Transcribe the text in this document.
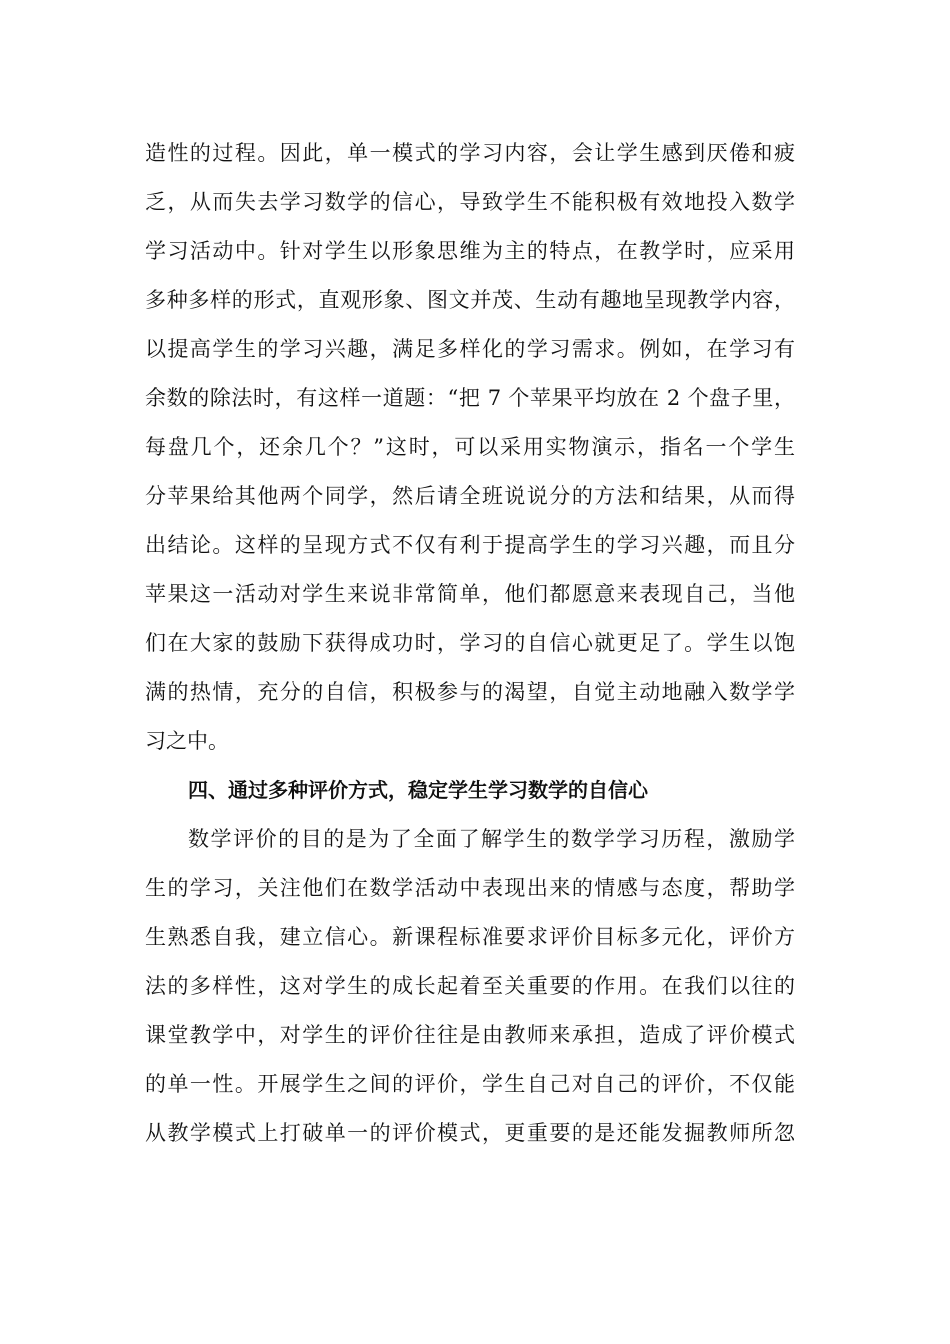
造性的过程。因此，单一模式的学习内容，会让学生感到厌倦和疲
乏，从而失去学习数学的信心，导致学生不能积极有效地投入数学
学习活动中。针对学生以形象思维为主的特点，在教学时，应采用
多种多样的形式，直观形象、图文并茂、生动有趣地呈现教学内容，
以提高学生的学习兴趣，满足多样化的学习需求。例如，在学习有
余数的除法时，有这样一道题：“把 7 个苹果平均放在 2 个盘子里，
每盘几个，还余几个？”这时，可以采用实物演示，指名一个学生
分苹果给其他两个同学，然后请全班说说分的方法和结果，从而得
出结论。这样的呈现方式不仅有利于提高学生的学习兴趣，而且分
苹果这一活动对学生来说非常简单，他们都愿意来表现自己，当他
们在大家的鼓励下获得成功时，学习的自信心就更足了。学生以饱
满的热情，充分的自信，积极参与的渴望，自觉主动地融入数学学
习之中。
四、通过多种评价方式，稳定学生学习数学的自信心
数学评价的目的是为了全面了解学生的数学学习历程，激励学
生的学习，关注他们在数学活动中表现出来的情感与态度，帮助学
生熟悉自我，建立信心。新课程标准要求评价目标多元化，评价方
法的多样性，这对学生的成长起着至关重要的作用。在我们以往的
课堂教学中，对学生的评价往往是由教师来承担，造成了评价模式
的单一性。开展学生之间的评价，学生自己对自己的评价，不仅能
从教学模式上打破单一的评价模式，更重要的是还能发掘教师所忽
